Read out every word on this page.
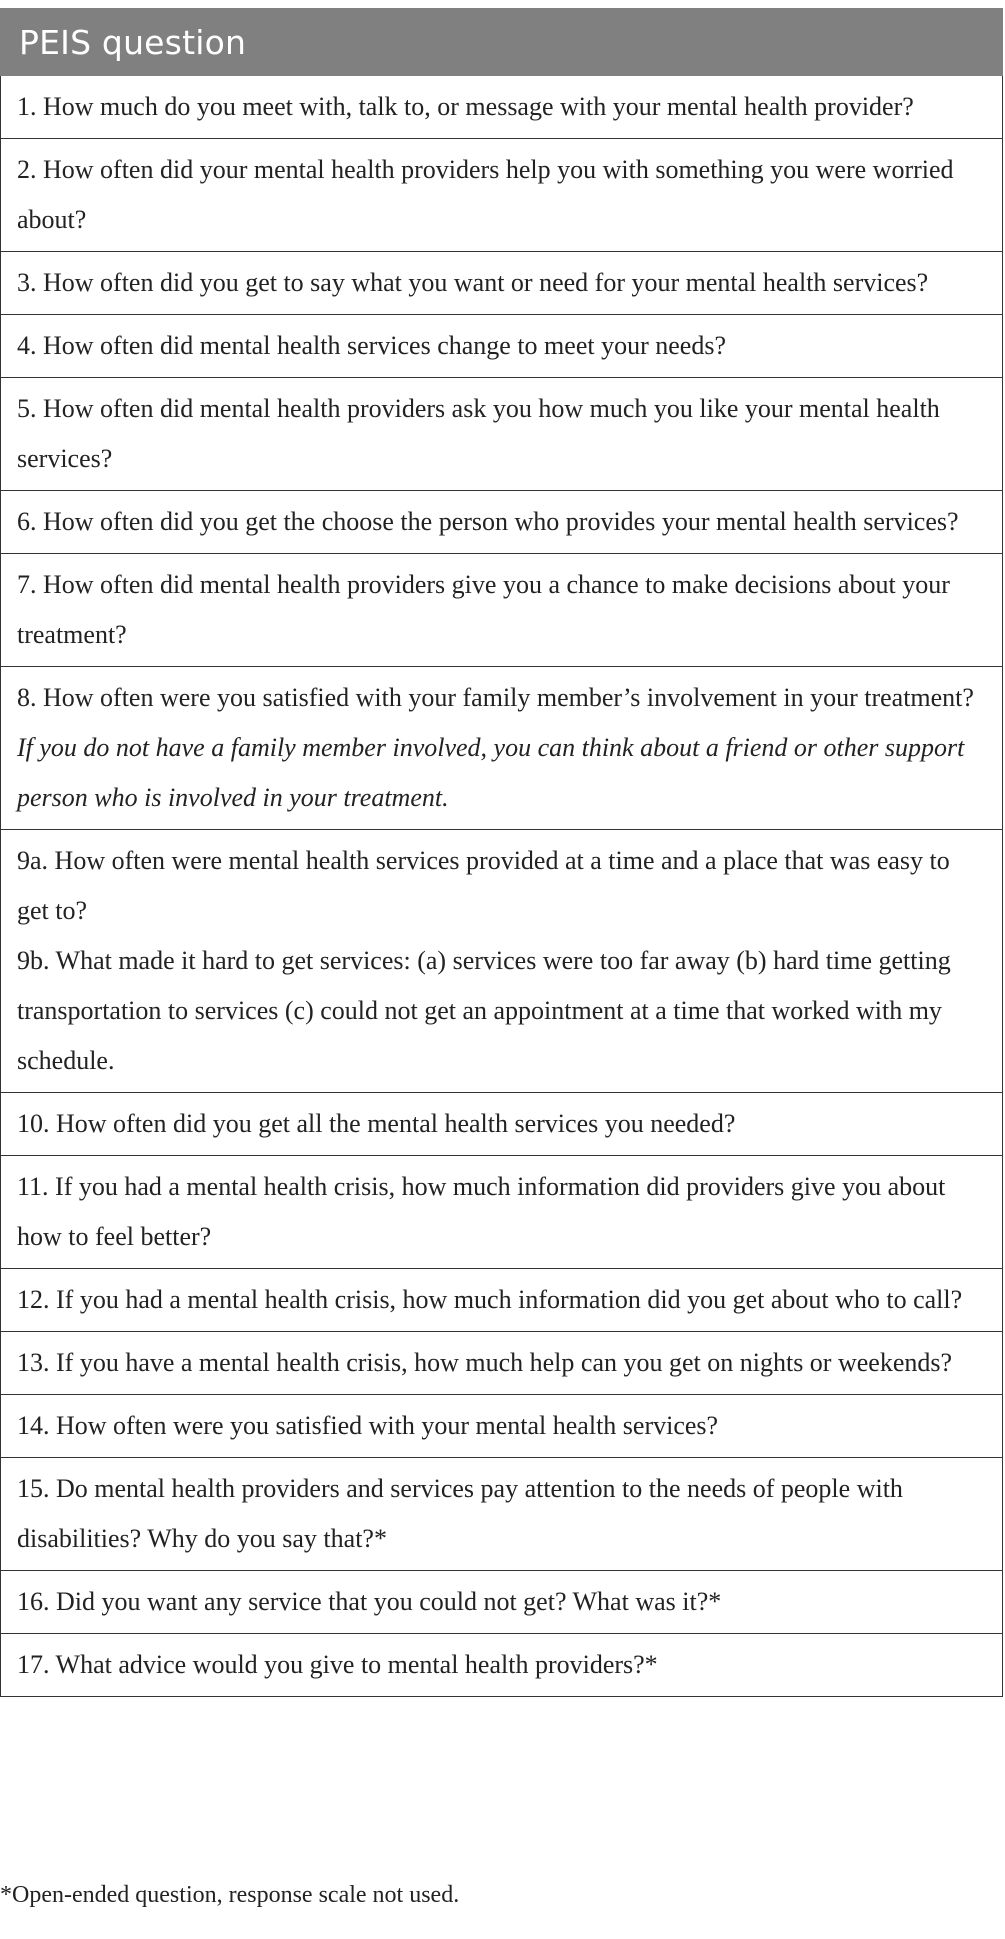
PEIS question

1. How much do you meet with, talk to, or message with your mental health provider?

2. How often did your mental health providers help you with something you were worried about?

3. How often did you get to say what you want or need for your mental health services?

4. How often did mental health services change to meet your needs?

5. How often did mental health providers ask you how much you like your mental health services?

6. How often did you get the choose the person who provides your mental health services?

7. How often did mental health providers give you a chance to make decisions about your treatment?

8. How often were you satisfied with your family member’s involvement in your treatment?

If you do not have a family member involved, you can think about a friend or other support person who is involved in your treatment.

9a. How often were mental health services provided at a time and a place that was easy to get to?

9b. What made it hard to get services: (a) services were too far away (b) hard time getting transportation to services (c) could not get an appointment at a time that worked with my schedule.

10. How often did you get all the mental health services you needed?

11. If you had a mental health crisis, how much information did providers give you about how to feel better?

12. If you had a mental health crisis, how much information did you get about who to call?

13. If you have a mental health crisis, how much help can you get on nights or weekends?

14. How often were you satisfied with your mental health services?

15. Do mental health providers and services pay attention to the needs of people with disabilities? Why do you say that?*

16. Did you want any service that you could not get? What was it?*

17. What advice would you give to mental health providers?*

*Open-ended question, response scale not used.
